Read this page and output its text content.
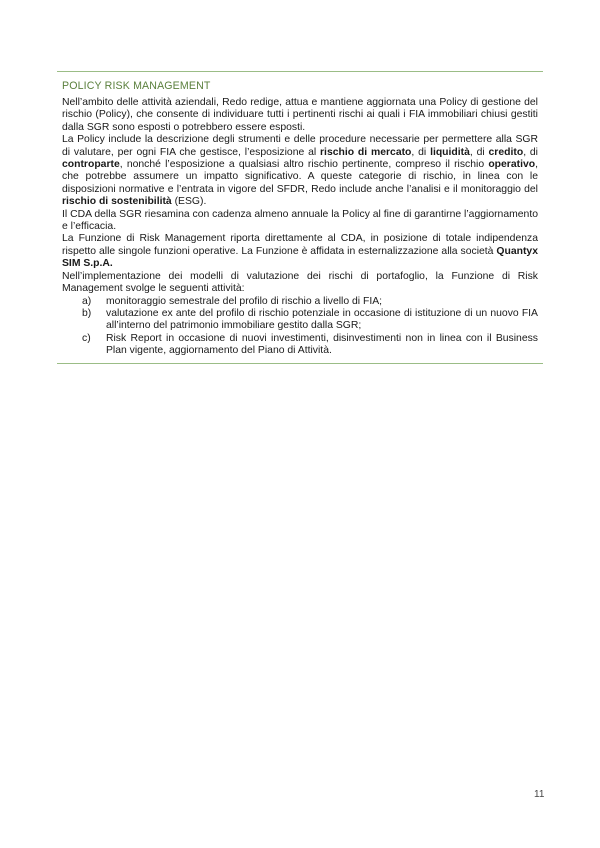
POLICY RISK MANAGEMENT

Nell’ambito delle attività aziendali, Redo redige, attua e mantiene aggiornata una Policy di gestione del rischio (Policy), che consente di individuare tutti i pertinenti rischi ai quali i FIA immobiliari chiusi gestiti dalla SGR sono esposti o potrebbero essere esposti.

La Policy include la descrizione degli strumenti e delle procedure necessarie per permettere alla SGR di valutare, per ogni FIA che gestisce, l’esposizione al rischio di mercato, di liquidità, di credito, di controparte, nonché l’esposizione a qualsiasi altro rischio pertinente, compreso il rischio operativo, che potrebbe assumere un impatto significativo. A queste categorie di rischio, in linea con le disposizioni normative e l’entrata in vigore del SFDR, Redo include anche l’analisi e il monitoraggio del rischio di sostenibilità (ESG).

Il CDA della SGR riesamina con cadenza almeno annuale la Policy al fine di garantirne l’aggiornamento e l’efficacia.

La Funzione di Risk Management riporta direttamente al CDA, in posizione di totale indipendenza rispetto alle singole funzioni operative. La Funzione è affidata in esternalizzazione alla società Quantyx SIM S.p.A.

Nell’implementazione dei modelli di valutazione dei rischi di portafoglio, la Funzione di Risk Management svolge le seguenti attività:

a)	monitoraggio semestrale del profilo di rischio a livello di FIA;
b)	valutazione ex ante del profilo di rischio potenziale in occasione di istituzione di un nuovo FIA all’interno del patrimonio immobiliare gestito dalla SGR;
c)	Risk Report in occasione di nuovi investimenti, disinvestimenti non in linea con il Business Plan vigente, aggiornamento del Piano di Attività.
11
